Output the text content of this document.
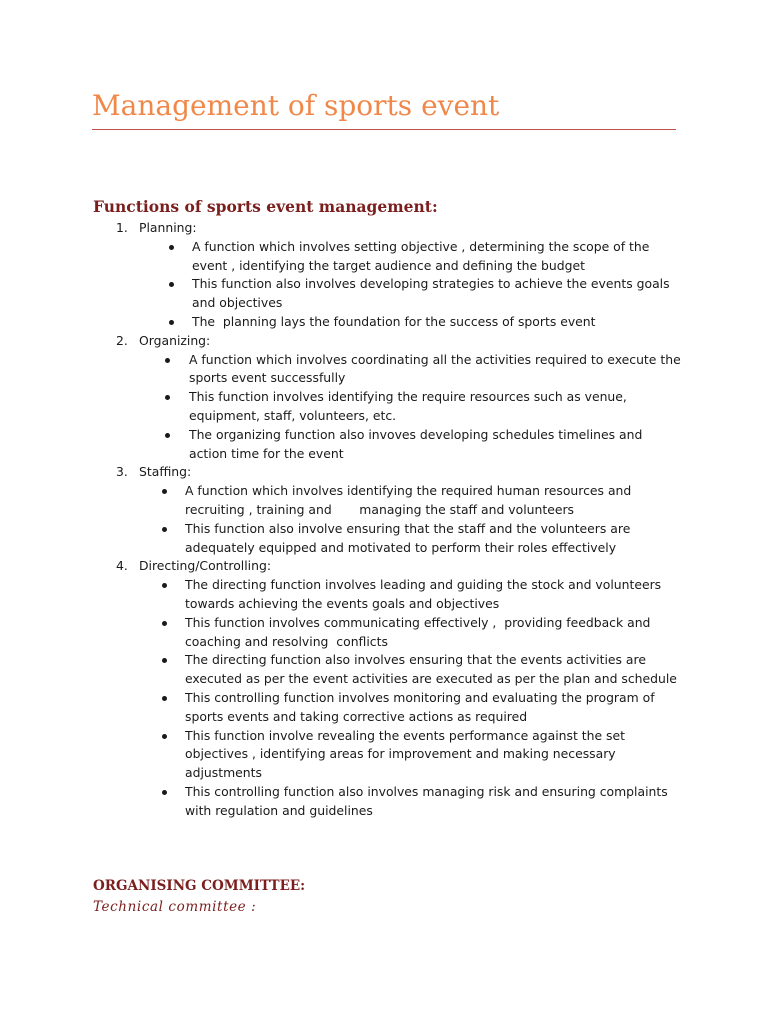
Management of sports event
Functions of sports event management:
1. Planning:
A function which involves setting objective , determining the scope of the event , identifying the target audience and defining the budget
This function also involves developing strategies to achieve the events goals and objectives
The  planning lays the foundation for the success of sports event
2. Organizing:
A function which involves coordinating all the activities required to execute the sports event successfully
This function involves identifying the require resources such as venue, equipment, staff, volunteers, etc.
The organizing function also invoves developing schedules timelines and action time for the event
3. Staffing:
A function which involves identifying the required human resources and recruiting , training and       managing the staff and volunteers
This function also involve ensuring that the staff and the volunteers are adequately equipped and motivated to perform their roles effectively
4. Directing/Controlling:
The directing function involves leading and guiding the stock and volunteers towards achieving the events goals and objectives
This function involves communicating effectively ,  providing feedback and coaching and resolving  conflicts
The directing function also involves ensuring that the events activities are executed as per the event activities are executed as per the plan and schedule
This controlling function involves monitoring and evaluating the program of sports events and taking corrective actions as required
This function involve revealing the events performance against the set objectives , identifying areas for improvement and making necessary adjustments
This controlling function also involves managing risk and ensuring complaints with regulation and guidelines
ORGANISING COMMITTEE:

Technical committee :
